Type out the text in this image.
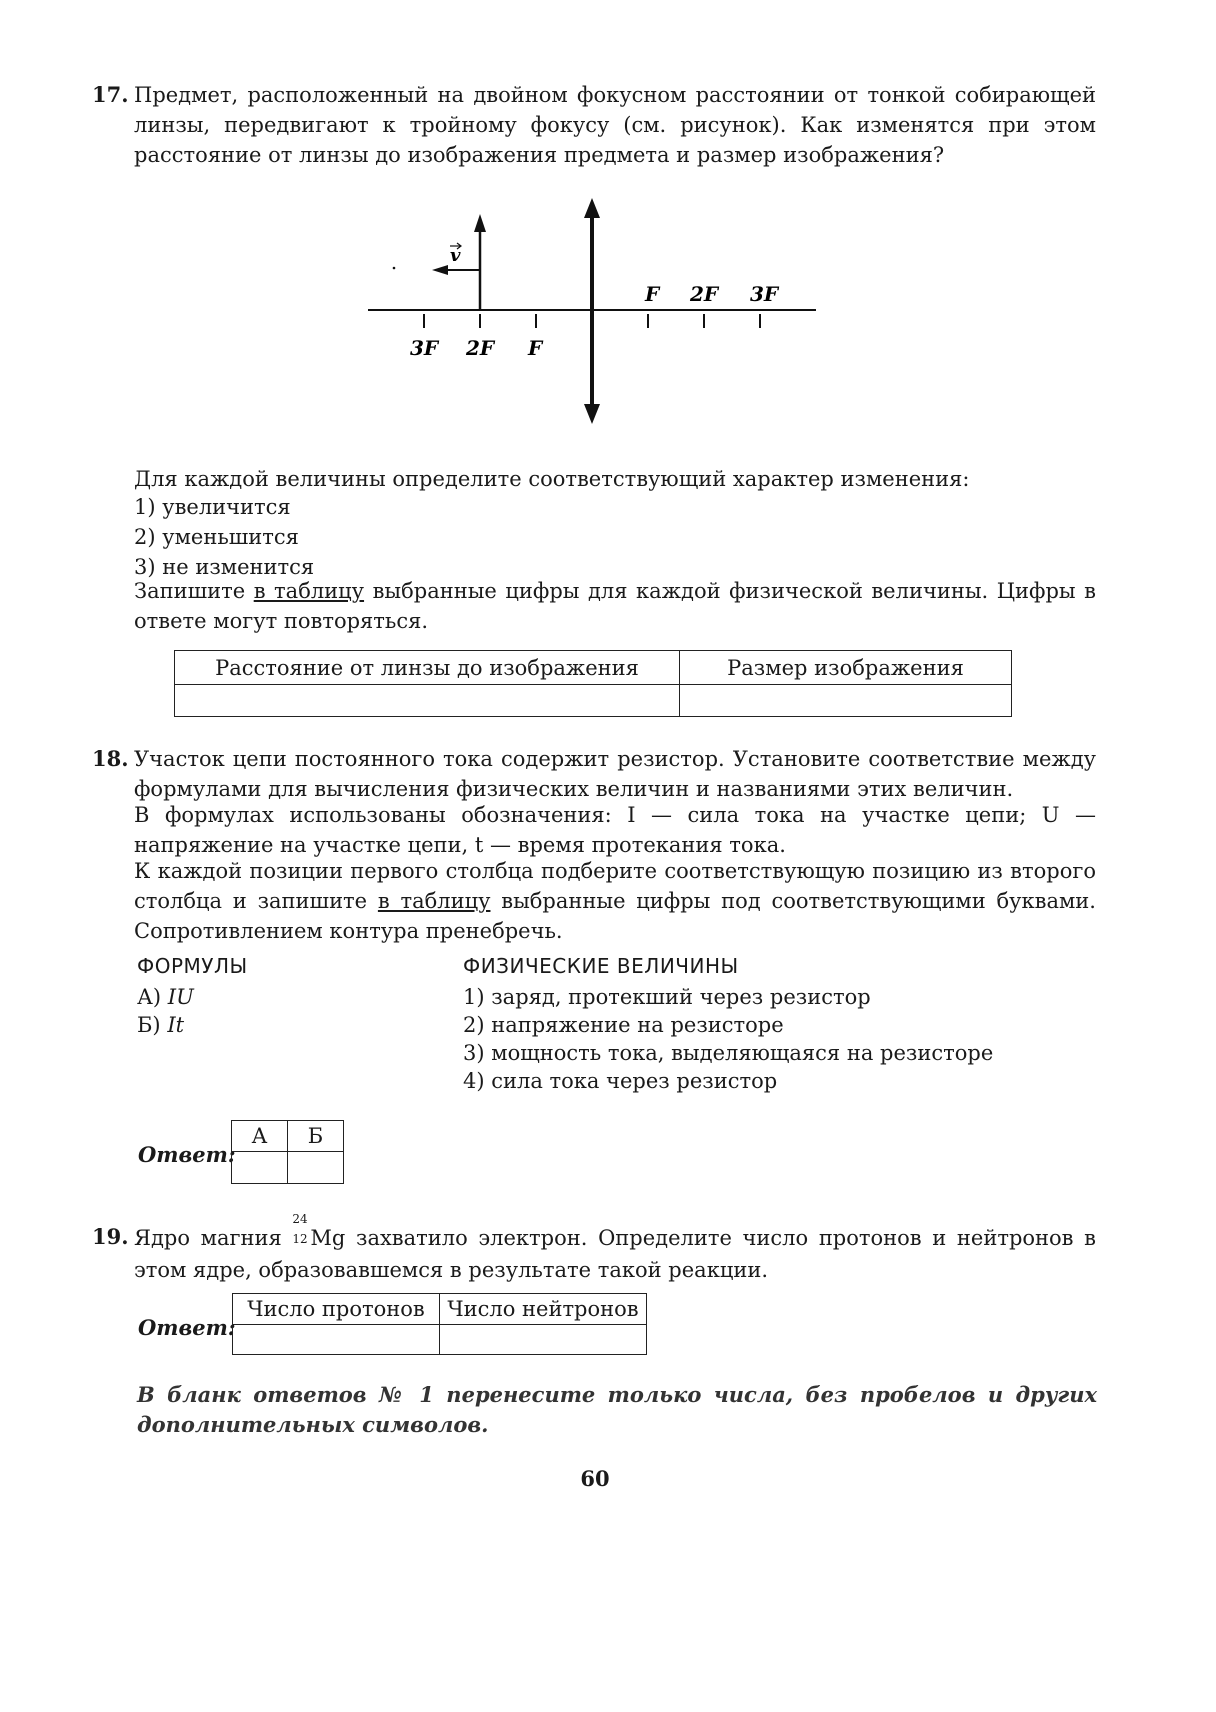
17. Предмет, расположенный на двойном фокусном расстоянии от тонкой собирающей линзы, передвигают к тройному фокусу (см. рисунок). Как изменятся при этом расстояние от линзы до изображения предмета и размер изображения?
v
3F 2F F
F 2F 3F
Для каждой величины определите соответствующий характер изменения:
1) увеличится
2) уменьшится
3) не изменится
Запишите в таблицу выбранные цифры для каждой физической величины. Цифры в ответе могут повторяться.
Расстояние от линзы до изображения	Размер изображения

18. Участок цепи постоянного тока содержит резистор. Установите соответствие между формулами для вычисления физических величин и названиями этих величин.
В формулах использованы обозначения: I — сила тока на участке цепи; U — напряжение на участке цепи, t — время протекания тока.
К каждой позиции первого столбца подберите соответствующую позицию из второго столбца и запишите в таблицу выбранные цифры под соответствующими буквами. Сопротивлением контура пренебречь.
ФОРМУЛЫ	ФИЗИЧЕСКИЕ ВЕЛИЧИНЫ
А) IU
Б) It
1) заряд, протекший через резистор
2) напряжение на резисторе
3) мощность тока, выделяющаяся на резисторе
4) сила тока через резистор
Ответ:
А	Б

19. Ядро магния
24
12 Mg захватило электрон. Определите число протонов и нейтронов в этом ядре, образовавшемся в результате такой реакции.
Ответ:
Число протонов	Число нейтронов

В бланк ответов № 1 перенесите только числа, без пробелов и других дополнительных символов.
60
